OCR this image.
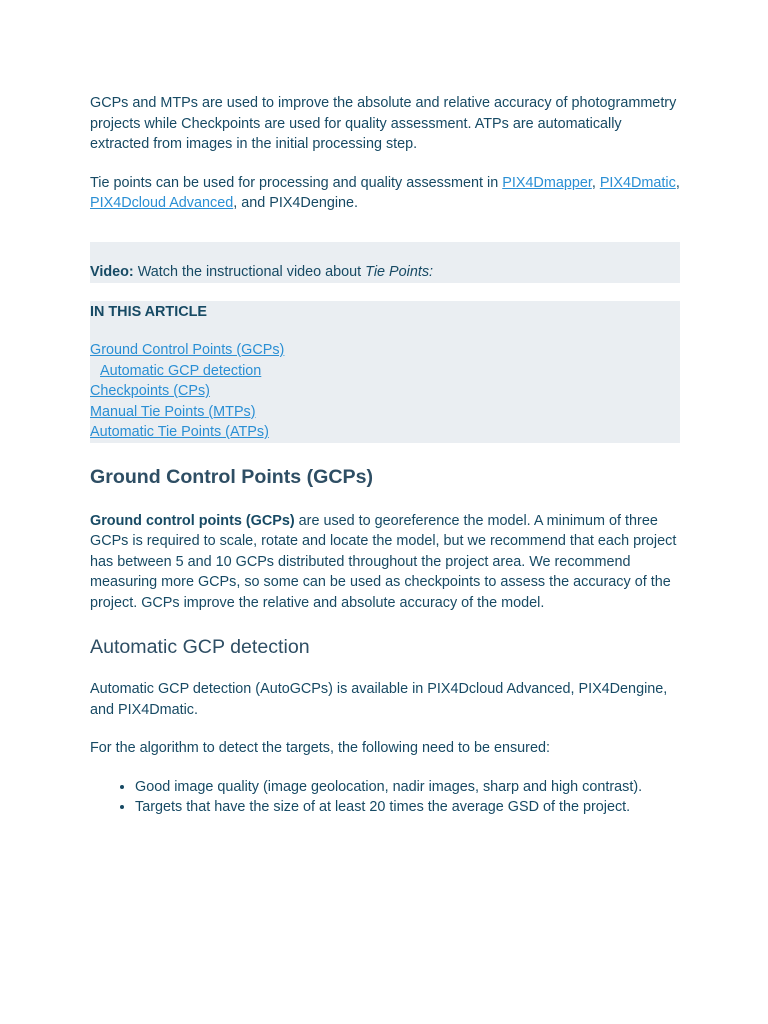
GCPs and MTPs are used to improve the absolute and relative accuracy of photogrammetry projects while Checkpoints are used for quality assessment. ATPs are automatically extracted from images in the initial processing step.

Tie points can be used for processing and quality assessment in PIX4Dmapper, PIX4Dmatic, PIX4Dcloud Advanced, and PIX4Dengine.

Video: Watch the instructional video about Tie Points:

IN THIS ARTICLE

Ground Control Points (GCPs)
Automatic GCP detection
Checkpoints (CPs)
Manual Tie Points (MTPs)
Automatic Tie Points (ATPs)
Ground Control Points (GCPs)

Ground control points (GCPs) are used to georeference the model. A minimum of three GCPs is required to scale, rotate and locate the model, but we recommend that each project has between 5 and 10 GCPs distributed throughout the project area. We recommend measuring more GCPs, so some can be used as checkpoints to assess the accuracy of the project. GCPs improve the relative and absolute accuracy of the model.

Automatic GCP detection

Automatic GCP detection (AutoGCPs) is available in PIX4Dcloud Advanced, PIX4Dengine, and PIX4Dmatic.

For the algorithm to detect the targets, the following need to be ensured:

• Good image quality (image geolocation, nadir images, sharp and high contrast).
• Targets that have the size of at least 20 times the average GSD of the project.
